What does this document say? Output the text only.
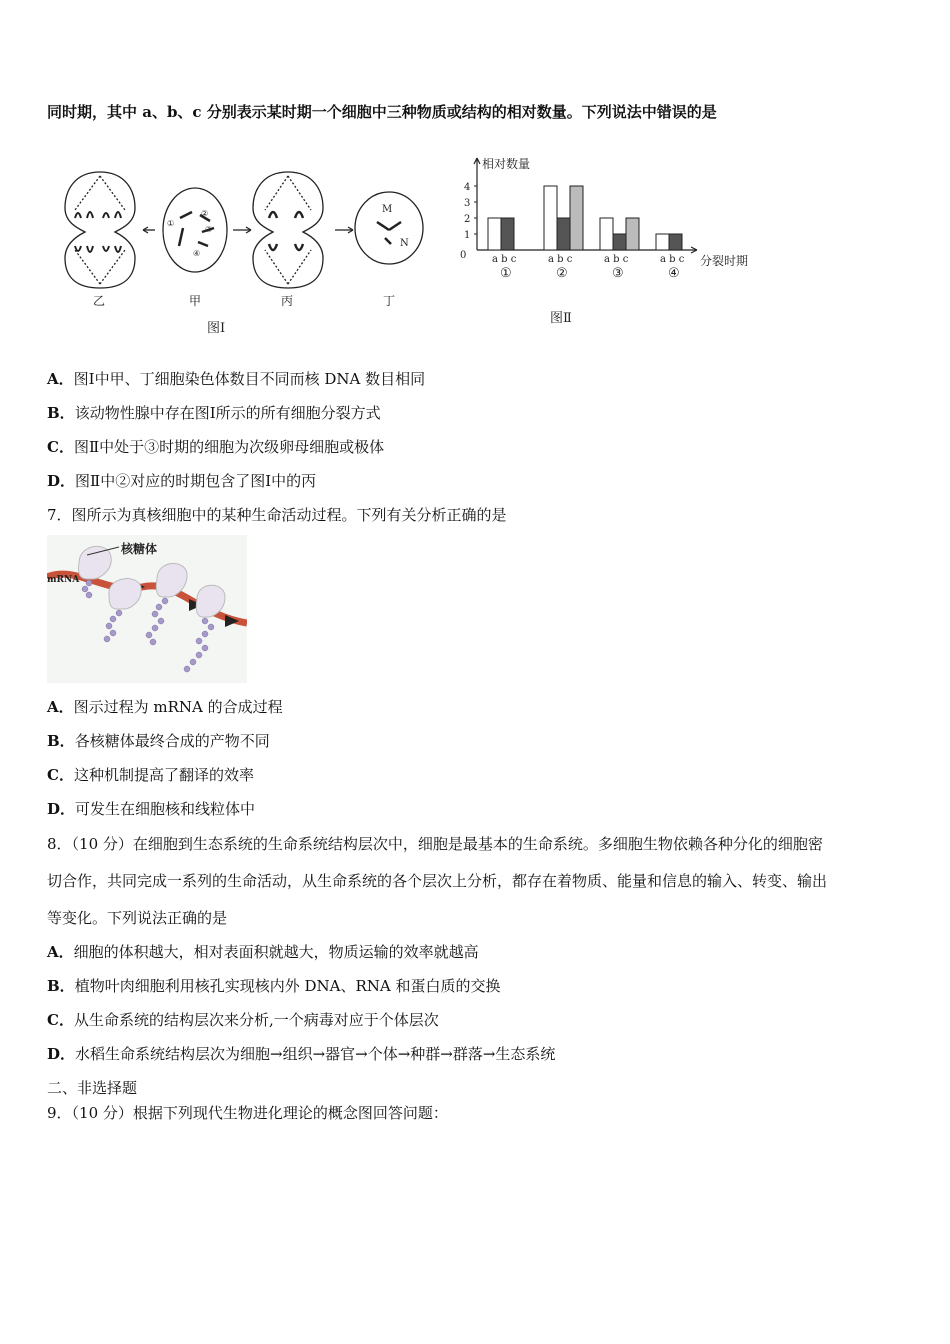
同时期，其中 a、b、c 分别表示某时期一个细胞中三种物质或结构的相对数量。下列说法中错误的是
M
N
①
②
③
④
乙	甲	丙	丁
图Ⅰ
相对数量
分裂时期
0
1
2
3
4
a b c
①
a b c
②
a b c
③
a b c
④
图Ⅱ
A．图Ⅰ中甲、丁细胞染色体数目不同而核 DNA 数目相同
B．该动物性腺中存在图Ⅰ所示的所有细胞分裂方式
C．图Ⅱ中处于③时期的细胞为次级卵母细胞或极体
D．图Ⅱ中②对应的时期包含了图Ⅰ中的丙
7．图所示为真核细胞中的某种生命活动过程。下列有关分析正确的是
核糖体
mRNA
A．图示过程为 mRNA 的合成过程
B．各核糖体最终合成的产物不同
C．这种机制提高了翻译的效率
D．可发生在细胞核和线粒体中
8．（10 分）在细胞到生态系统的生命系统结构层次中，细胞是最基本的生命系统。多细胞生物依赖各种分化的细胞密
切合作，共同完成一系列的生命活动，从生命系统的各个层次上分析，都存在着物质、能量和信息的输入、转变、输出
等变化。下列说法正确的是
A．细胞的体积越大，相对表面积就越大，物质运输的效率就越高
B．植物叶肉细胞利用核孔实现核内外 DNA、RNA 和蛋白质的交换
C．从生命系统的结构层次来分析,一个病毒对应于个体层次
D．水稻生命系统结构层次为细胞→组织→器官→个体→种群→群落→生态系统
二、非选择题
9．（10 分）根据下列现代生物进化理论的概念图回答问题：
